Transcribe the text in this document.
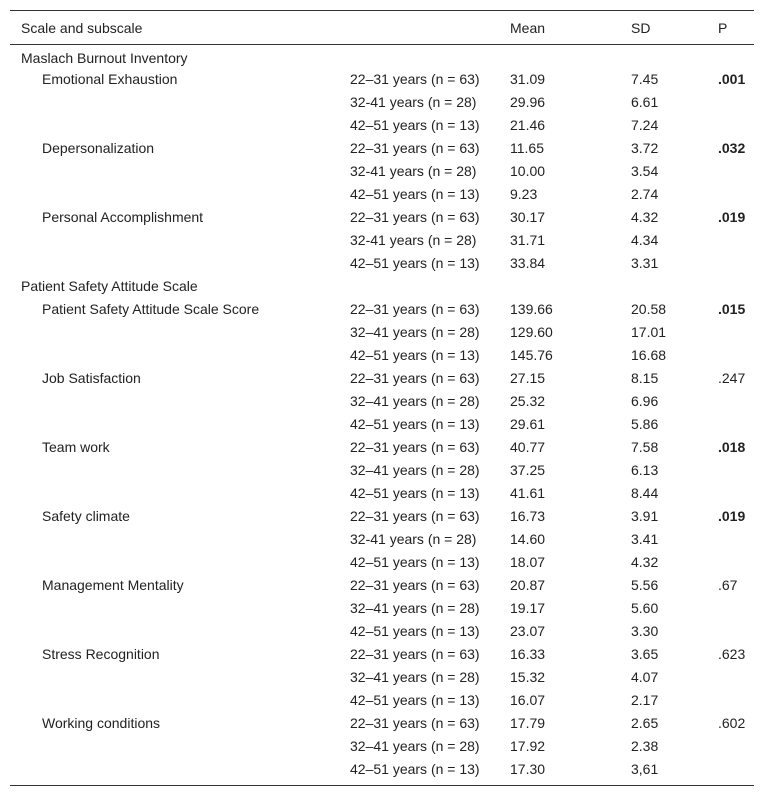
Scale and subscale		Mean	SD	P
Maslach Burnout Inventory				
Emotional Exhaustion	22–31 years (n = 63)	31.09	7.45	.001
	32-41 years (n = 28)	29.96	6.61	
	42–51 years (n = 13)	21.46	7.24	
Depersonalization	22–31 years (n = 63)	11.65	3.72	.032
	32-41 years (n = 28)	10.00	3.54	
	42–51 years (n = 13)	9.23	2.74	
Personal Accomplishment	22–31 years (n = 63)	30.17	4.32	.019
	32-41 years (n = 28)	31.71	4.34	
	42–51 years (n = 13)	33.84	3.31	
Patient Safety Attitude Scale				
Patient Safety Attitude Scale Score	22–31 years (n = 63)	139.66	20.58	.015
	32–41 years (n = 28)	129.60	17.01	
	42–51 years (n = 13)	145.76	16.68	
Job Satisfaction	22–31 years (n = 63)	27.15	8.15	.247
	32–41 years (n = 28)	25.32	6.96	
	42–51 years (n = 13)	29.61	5.86	
Team work	22–31 years (n = 63)	40.77	7.58	.018
	32–41 years (n = 28)	37.25	6.13	
	42–51 years (n = 13)	41.61	8.44	
Safety climate	22–31 years (n = 63)	16.73	3.91	.019
	32-41 years (n = 28)	14.60	3.41	
	42–51 years (n = 13)	18.07	4.32	
Management Mentality	22–31 years (n = 63)	20.87	5.56	.67
	32–41 years (n = 28)	19.17	5.60	
	42–51 years (n = 13)	23.07	3.30	
Stress Recognition	22–31 years (n = 63)	16.33	3.65	.623
	32–41 years (n = 28)	15.32	4.07	
	42–51 years (n = 13)	16.07	2.17	
Working conditions	22–31 years (n = 63)	17.79	2.65	.602
	32–41 years (n = 28)	17.92	2.38	
	42–51 years (n = 13)	17.30	3,61	
